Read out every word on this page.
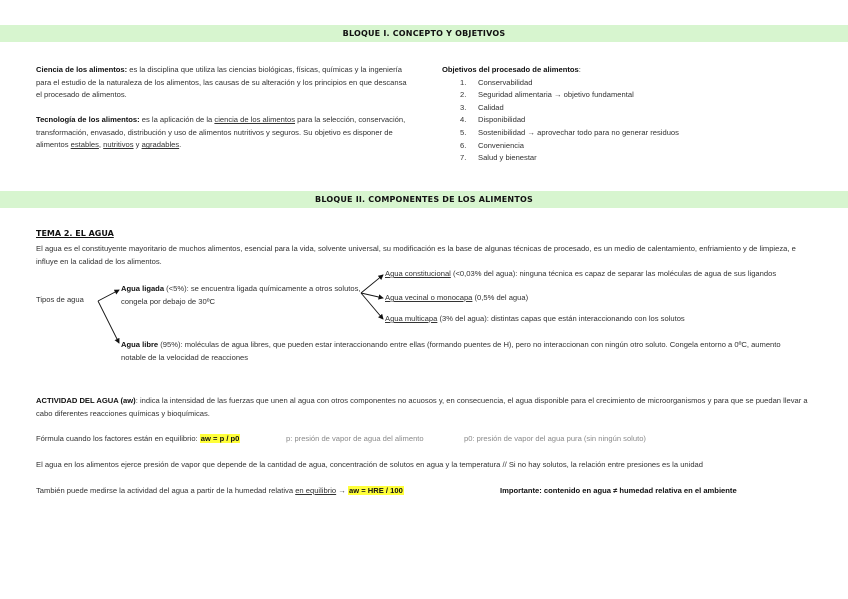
BLOQUE I. CONCEPTO Y OBJETIVOS
Ciencia de los alimentos: es la disciplina que utiliza las ciencias biológicas, físicas, químicas y la ingeniería para el estudio de la naturaleza de los alimentos, las causas de su alteración y los principios en que descansa el procesado de alimentos.
Tecnología de los alimentos: es la aplicación de la ciencia de los alimentos para la selección, conservación, transformación, envasado, distribución y uso de alimentos nutritivos y seguros. Su objetivo es disponer de alimentos estables, nutritivos y agradables.
Objetivos del procesado de alimentos:
1. Conservabilidad
2. Seguridad alimentaria → objetivo fundamental
3. Calidad
4. Disponibilidad
5. Sostenibilidad → aprovechar todo para no generar residuos
6. Conveniencia
7. Salud y bienestar
BLOQUE II. COMPONENTES DE LOS ALIMENTOS
TEMA 2. EL AGUA
El agua es el constituyente mayoritario de muchos alimentos, esencial para la vida, solvente universal, su modificación es la base de algunas técnicas de procesado, es un medio de calentamiento, enfriamiento y de limpieza, e influye en la calidad de los alimentos.
Tipos de agua
Agua ligada (<5%): se encuentra ligada químicamente a otros solutos, congela por debajo de 30ºC
Agua constitucional (<0,03% del agua): ninguna técnica es capaz de separar las moléculas de agua de sus ligandos
Agua vecinal o monocapa (0,5% del agua)
Agua multicapa (3% del agua): distintas capas que están interaccionando con los solutos
Agua libre (95%): moléculas de agua libres, que pueden estar interaccionando entre ellas (formando puentes de H), pero no interaccionan con ningún otro soluto. Congela entorno a 0ºC, aumento notable de la velocidad de reacciones
ACTIVIDAD DEL AGUA (aw): indica la intensidad de las fuerzas que unen al agua con otros componentes no acuosos y, en consecuencia, el agua disponible para el crecimiento de microorganismos y para que se puedan llevar a cabo diferentes reacciones químicas y bioquímicas.
Fórmula cuando los factores están en equilibrio: aw = p / p0	p: presión de vapor de agua del alimento	p0: presión de vapor del agua pura (sin ningún soluto)
El agua en los alimentos ejerce presión de vapor que depende de la cantidad de agua, concentración de solutos en agua y la temperatura // Si no hay solutos, la relación entre presiones es la unidad
También puede medirse la actividad del agua a partir de la humedad relativa en equilibrio → aw = HRE / 100	Importante: contenido en agua ≠ humedad relativa en el ambiente
